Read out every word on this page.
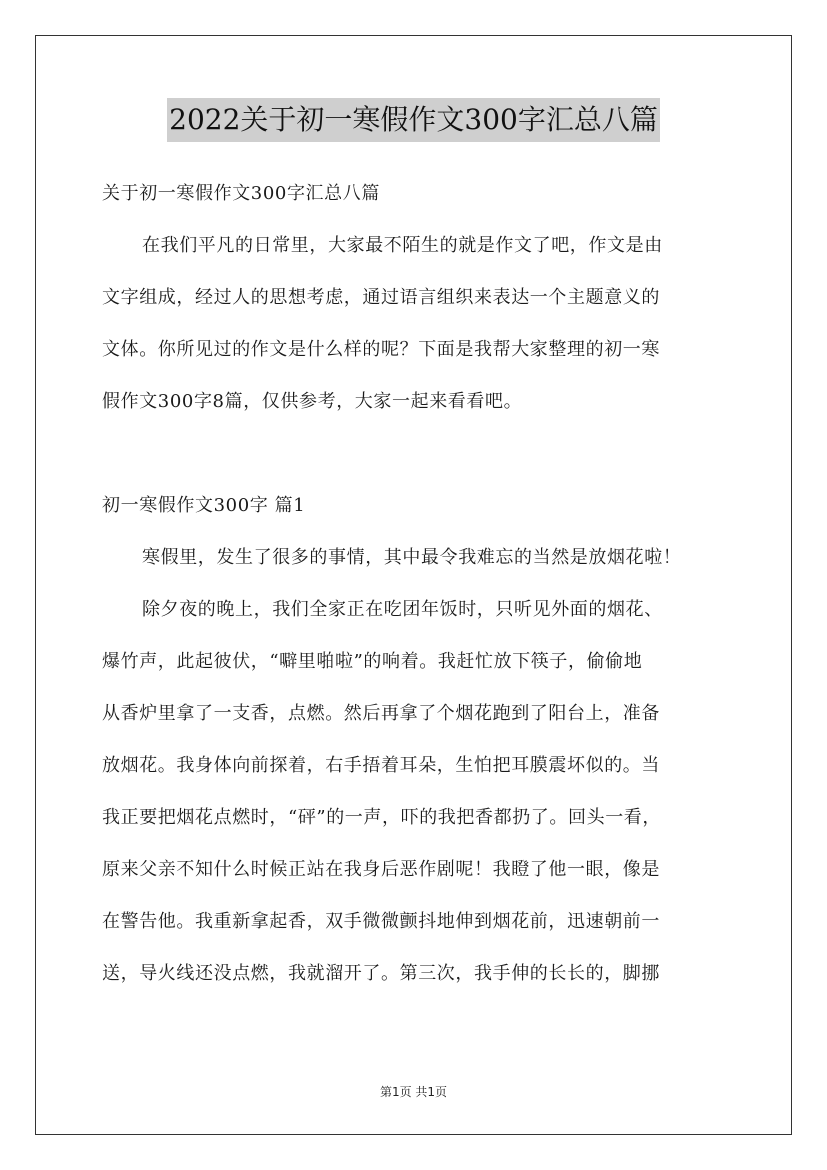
2022关于初一寒假作文300字汇总八篇
关于初一寒假作文300字汇总八篇
在我们平凡的日常里，大家最不陌生的就是作文了吧，作文是由
文字组成，经过人的思想考虑，通过语言组织来表达一个主题意义的
文体。你所见过的作文是什么样的呢？下面是我帮大家整理的初一寒
假作文300字8篇，仅供参考，大家一起来看看吧。
初一寒假作文300字 篇1
寒假里，发生了很多的事情，其中最令我难忘的当然是放烟花啦！
除夕夜的晚上，我们全家正在吃团年饭时，只听见外面的烟花、
爆竹声，此起彼伏，“噼里啪啦”的响着。我赶忙放下筷子，偷偷地
从香炉里拿了一支香，点燃。然后再拿了个烟花跑到了阳台上，准备
放烟花。我身体向前探着，右手捂着耳朵，生怕把耳膜震坏似的。当
我正要把烟花点燃时，“砰”的一声，吓的我把香都扔了。回头一看，
原来父亲不知什么时候正站在我身后恶作剧呢！我瞪了他一眼，像是
在警告他。我重新拿起香，双手微微颤抖地伸到烟花前，迅速朝前一
送，导火线还没点燃，我就溜开了。第三次，我手伸的长长的，脚挪
第1页 共1页
